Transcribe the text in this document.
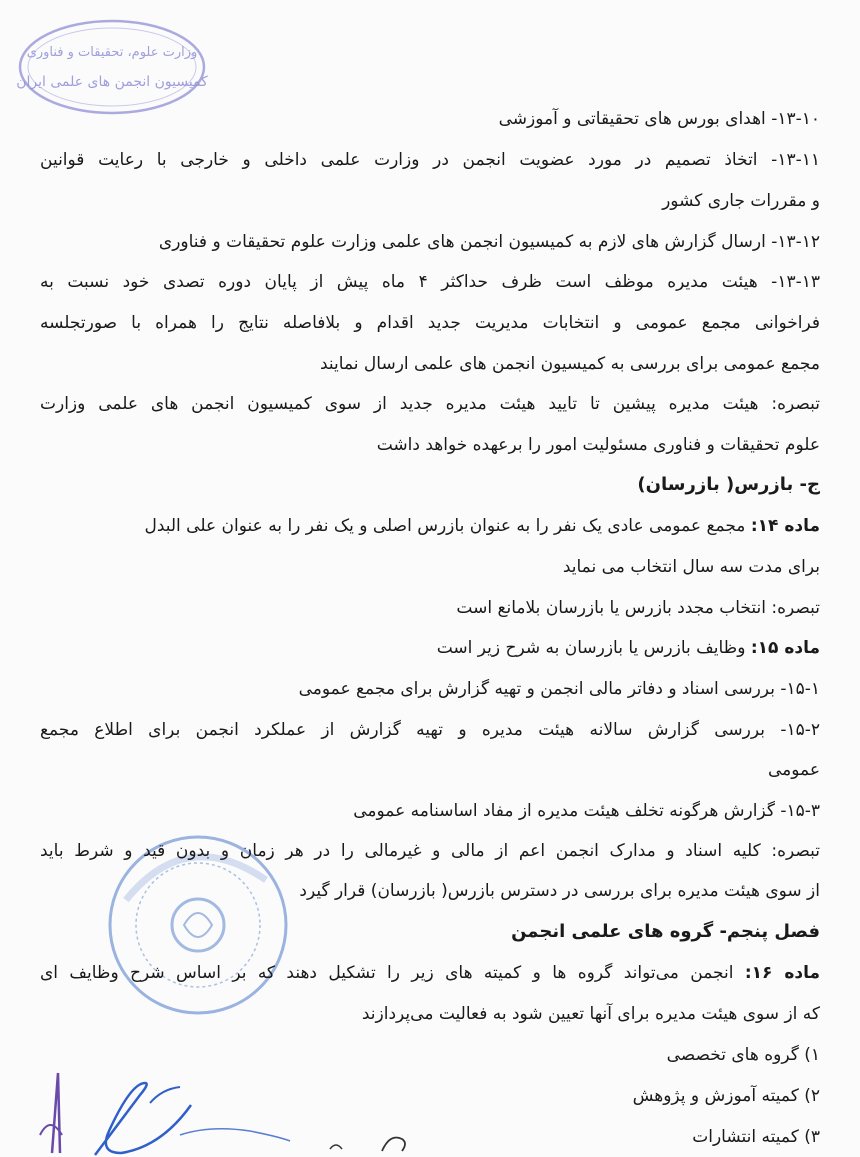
وزارت علوم، تحقیقات و فناوری
کمیسیون انجمن های علمی ایران
۱۳-۱۰- اهدای بورس های تحقیقاتی و آموزشی
۱۳-۱۱- اتخاذ تصمیم در مورد عضویت انجمن در وزارت علمی داخلی و خارجی با رعایت قوانین
و مقررات جاری کشور
۱۳-۱۲- ارسال گزارش های لازم به کمیسیون انجمن های علمی وزارت علوم تحقیقات و فناوری
۱۳-۱۳- هیئت مدیره موظف است ظرف حداکثر ۴ ماه پیش از پایان دوره تصدی خود نسبت به
فراخوانی مجمع عمومی و انتخابات مدیریت جدید اقدام و بلافاصله نتایج را همراه با صورتجلسه
مجمع عمومی برای بررسی به کمیسیون انجمن های علمی ارسال نمایند
تبصره: هیئت مدیره پیشین تا تایید هیئت مدیره جدید از سوی کمیسیون انجمن های علمی وزارت
علوم تحقیقات و فناوری مسئولیت امور را برعهده خواهد داشت
ج- بازرس( بازرسان)
ماده ۱۴: مجمع عمومی عادی یک نفر را به عنوان بازرس اصلی و یک نفر را به عنوان علی البدل
برای مدت سه سال انتخاب می نماید
تبصره: انتخاب مجدد بازرس یا بازرسان بلامانع است
ماده ۱۵: وظایف بازرس یا بازرسان به شرح زیر است
۱۵-۱- بررسی اسناد و دفاتر مالی انجمن و تهیه گزارش برای مجمع عمومی
۱۵-۲- بررسی گزارش سالانه هیئت مدیره و تهیه گزارش از عملکرد انجمن برای اطلاع مجمع
عمومی
۱۵-۳- گزارش هرگونه تخلف هیئت مدیره از مفاد اساسنامه عمومی
تبصره: کلیه اسناد و مدارک انجمن اعم از مالی و غیرمالی را در هر زمان و بدون قید و شرط باید
از سوی هیئت مدیره برای بررسی در دسترس بازرس( بازرسان) قرار گیرد
فصل پنجم- گروه های علمی انجمن
ماده ۱۶: انجمن می‌تواند گروه ها و کمیته های زیر را تشکیل دهند که بر اساس شرح وظایف ای
که از سوی هیئت مدیره برای آنها تعیین شود به فعالیت می‌پردازند
۱) گروه های تخصصی
۲) کمیته آموزش و پژوهش
۳) کمیته انتشارات
